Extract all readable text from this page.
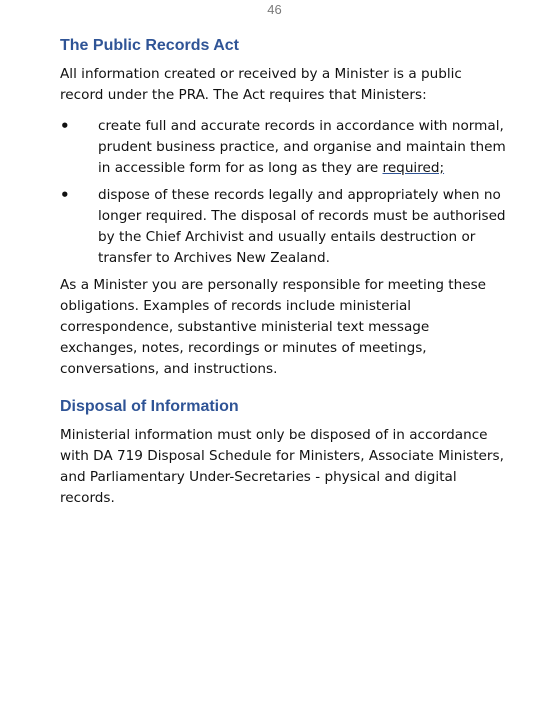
46
The Public Records Act

All information created or received by a Minister is a public record under the PRA. The Act requires that Ministers:

• create full and accurate records in accordance with normal, prudent business practice, and organise and maintain them in accessible form for as long as they are required;
• dispose of these records legally and appropriately when no longer required. The disposal of records must be authorised by the Chief Archivist and usually entails destruction or transfer to Archives New Zealand.

As a Minister you are personally responsible for meeting these obligations. Examples of records include ministerial correspondence, substantive ministerial text message exchanges, notes, recordings or minutes of meetings, conversations, and instructions.

Disposal of Information

Ministerial information must only be disposed of in accordance with DA 719 Disposal Schedule for Ministers, Associate Ministers, and Parliamentary Under-Secretaries - physical and digital records.
